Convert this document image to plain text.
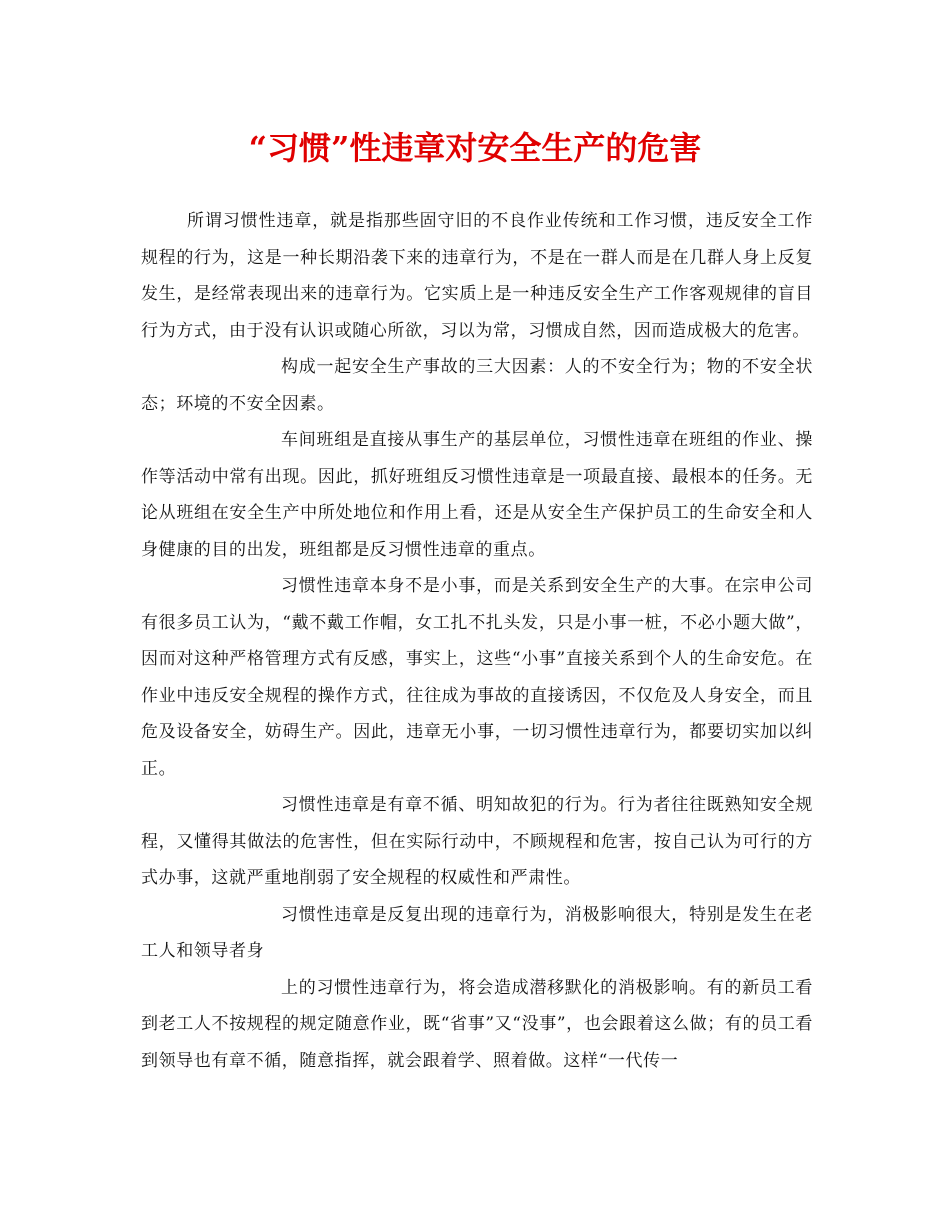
“习惯”性违章对安全生产的危害

所谓习惯性违章，就是指那些固守旧的不良作业传统和工作习惯，违反安全工作规程的行为，这是一种长期沿袭下来的违章行为，不是在一群人而是在几群人身上反复发生，是经常表现出来的违章行为。它实质上是一种违反安全生产工作客观规律的盲目行为方式，由于没有认识或随心所欲，习以为常，习惯成自然，因而造成极大的危害。

构成一起安全生产事故的三大因素：人的不安全行为；物的不安全状态；环境的不安全因素。

车间班组是直接从事生产的基层单位，习惯性违章在班组的作业、操作等活动中常有出现。因此，抓好班组反习惯性违章是一项最直接、最根本的任务。无论从班组在安全生产中所处地位和作用上看，还是从安全生产保护员工的生命安全和人身健康的目的出发，班组都是反习惯性违章的重点。

习惯性违章本身不是小事，而是关系到安全生产的大事。在宗申公司有很多员工认为，“戴不戴工作帽，女工扎不扎头发，只是小事一桩，不必小题大做”，因而对这种严格管理方式有反感，事实上，这些“小事”直接关系到个人的生命安危。在作业中违反安全规程的操作方式，往往成为事故的直接诱因，不仅危及人身安全，而且危及设备安全，妨碍生产。因此，违章无小事，一切习惯性违章行为，都要切实加以纠正。

习惯性违章是有章不循、明知故犯的行为。行为者往往既熟知安全规程，又懂得其做法的危害性，但在实际行动中，不顾规程和危害，按自己认为可行的方式办事，这就严重地削弱了安全规程的权威性和严肃性。

习惯性违章是反复出现的违章行为，消极影响很大，特别是发生在老工人和领导者身

上的习惯性违章行为，将会造成潜移默化的消极影响。有的新员工看到老工人不按规程的规定随意作业，既“省事”又“没事”，也会跟着这么做；有的员工看到领导也有章不循，随意指挥，就会跟着学、照着做。这样“一代传一
